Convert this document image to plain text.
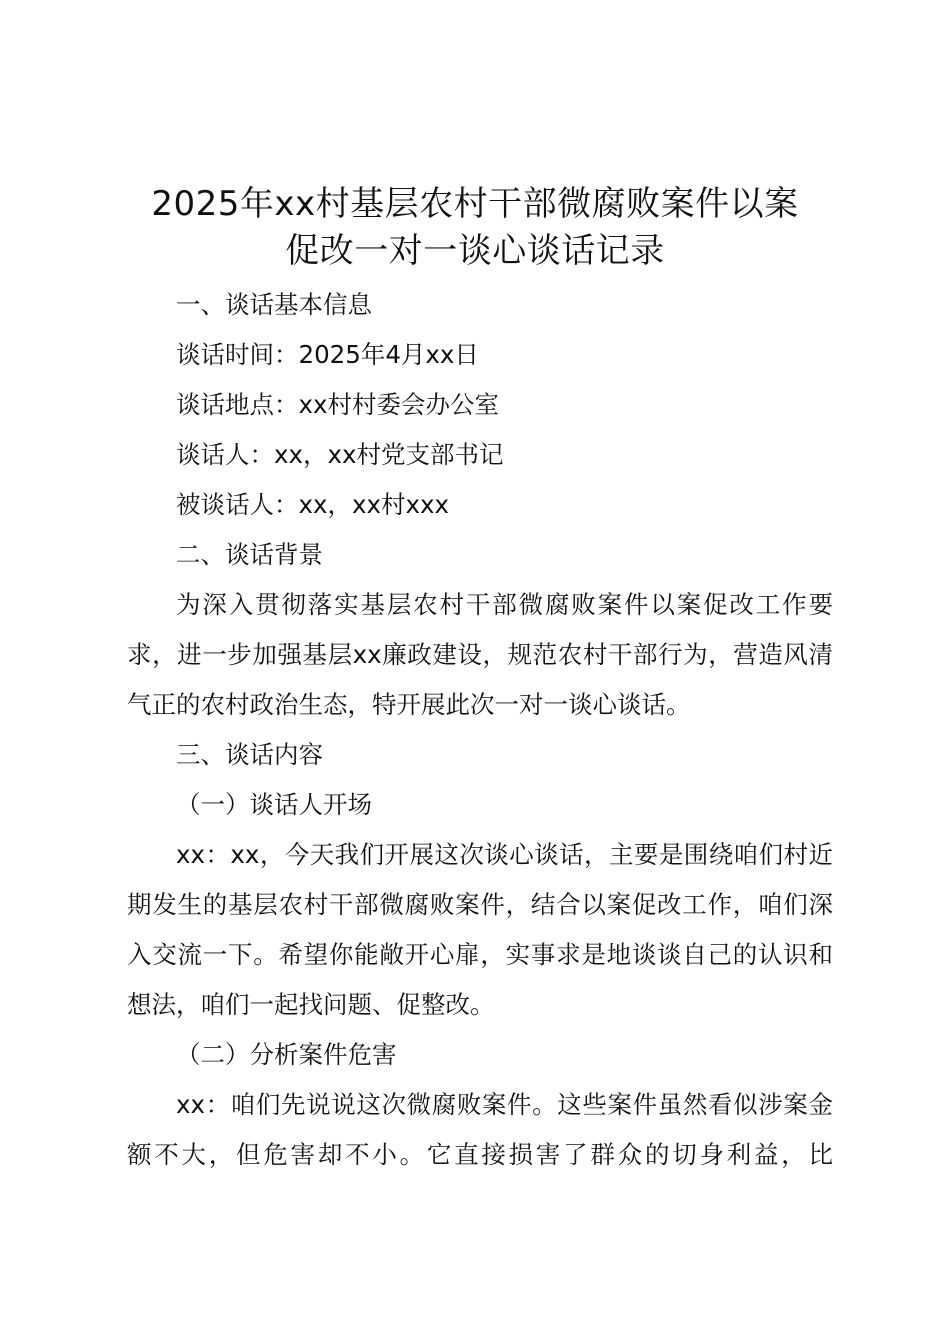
2025年xx村基层农村干部微腐败案件以案
促改一对一谈心谈话记录

一、谈话基本信息

谈话时间：2025年4月xx日

谈话地点：xx村村委会办公室

谈话人：xx，xx村党支部书记

被谈话人：xx，xx村xxx

二、谈话背景

为深入贯彻落实基层农村干部微腐败案件以案促改工作要求，进一步加强基层xx廉政建设，规范农村干部行为，营造风清气正的农村政治生态，特开展此次一对一谈心谈话。

三、谈话内容

（一）谈话人开场

xx：xx，今天我们开展这次谈心谈话，主要是围绕咱们村近期发生的基层农村干部微腐败案件，结合以案促改工作，咱们深入交流一下。希望你能敞开心扉，实事求是地谈谈自己的认识和想法，咱们一起找问题、促整改。

（二）分析案件危害

xx：咱们先说说这次微腐败案件。这些案件虽然看似涉案金额不大，但危害却不小。它直接损害了群众的切身利益，比
